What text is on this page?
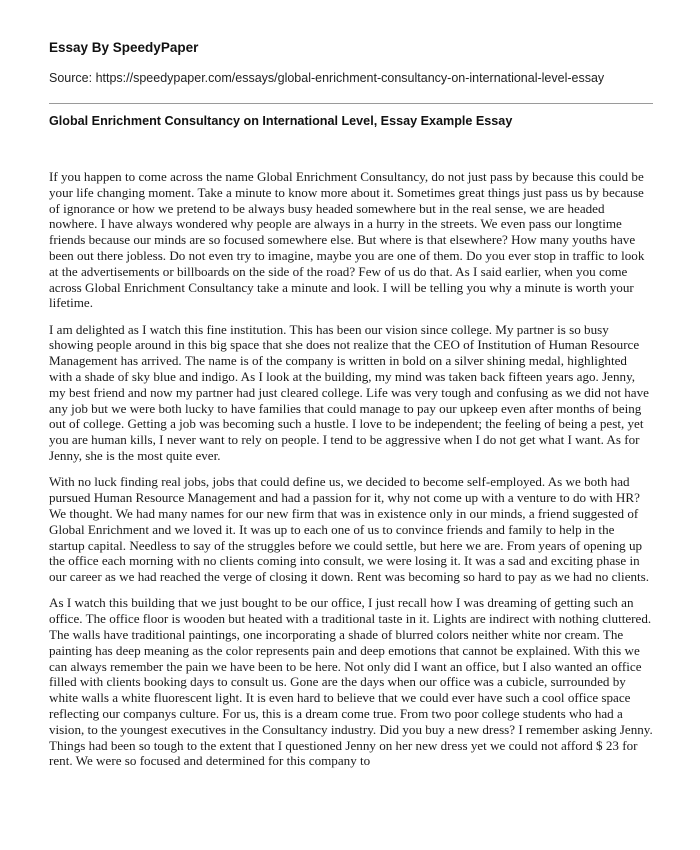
Essay By SpeedyPaper
Source: https://speedypaper.com/essays/global-enrichment-consultancy-on-international-level-essay
Global Enrichment Consultancy on International Level, Essay Example Essay

If you happen to come across the name Global Enrichment Consultancy, do not just pass by because this could be your life changing moment. Take a minute to know more about it. Sometimes great things just pass us by because of ignorance or how we pretend to be always busy headed somewhere but in the real sense, we are headed nowhere. I have always wondered why people are always in a hurry in the streets. We even pass our longtime friends because our minds are so focused somewhere else. But where is that elsewhere? How many youths have been out there jobless. Do not even try to imagine, maybe you are one of them. Do you ever stop in traffic to look at the advertisements or billboards on the side of the road? Few of us do that. As I said earlier, when you come across Global Enrichment Consultancy take a minute and look. I will be telling you why a minute is worth your lifetime.

I am delighted as I watch this fine institution. This has been our vision since college. My partner is so busy showing people around in this big space that she does not realize that the CEO of Institution of Human Resource Management has arrived. The name is of the company is written in bold on a silver shining medal, highlighted with a shade of sky blue and indigo. As I look at the building, my mind was taken back fifteen years ago. Jenny, my best friend and now my partner had just cleared college. Life was very tough and confusing as we did not have any job but we were both lucky to have families that could manage to pay our upkeep even after months of being out of college. Getting a job was becoming such a hustle. I love to be independent; the feeling of being a pest, yet you are human kills, I never want to rely on people. I tend to be aggressive when I do not get what I want. As for Jenny, she is the most quite ever.

With no luck finding real jobs, jobs that could define us, we decided to become self-employed. As we both had pursued Human Resource Management and had a passion for it, why not come up with a venture to do with HR? We thought. We had many names for our new firm that was in existence only in our minds, a friend suggested of Global Enrichment and we loved it. It was up to each one of us to convince friends and family to help in the startup capital. Needless to say of the struggles before we could settle, but here we are. From years of opening up the office each morning with no clients coming into consult, we were losing it. It was a sad and exciting phase in our career as we had reached the verge of closing it down. Rent was becoming so hard to pay as we had no clients.

As I watch this building that we just bought to be our office, I just recall how I was dreaming of getting such an office. The office floor is wooden but heated with a traditional taste in it. Lights are indirect with nothing cluttered. The walls have traditional paintings, one incorporating a shade of blurred colors neither white nor cream. The painting has deep meaning as the color represents pain and deep emotions that cannot be explained. With this we can always remember the pain we have been to be here. Not only did I want an office, but I also wanted an office filled with clients booking days to consult us. Gone are the days when our office was a cubicle, surrounded by white walls a white fluorescent light. It is even hard to believe that we could ever have such a cool office space reflecting our companys culture. For us, this is a dream come true. From two poor college students who had a vision, to the youngest executives in the Consultancy industry. Did you buy a new dress? I remember asking Jenny. Things had been so tough to the extent that I questioned Jenny on her new dress yet we could not afford $ 23 for rent. We were so focused and determined for this company to
